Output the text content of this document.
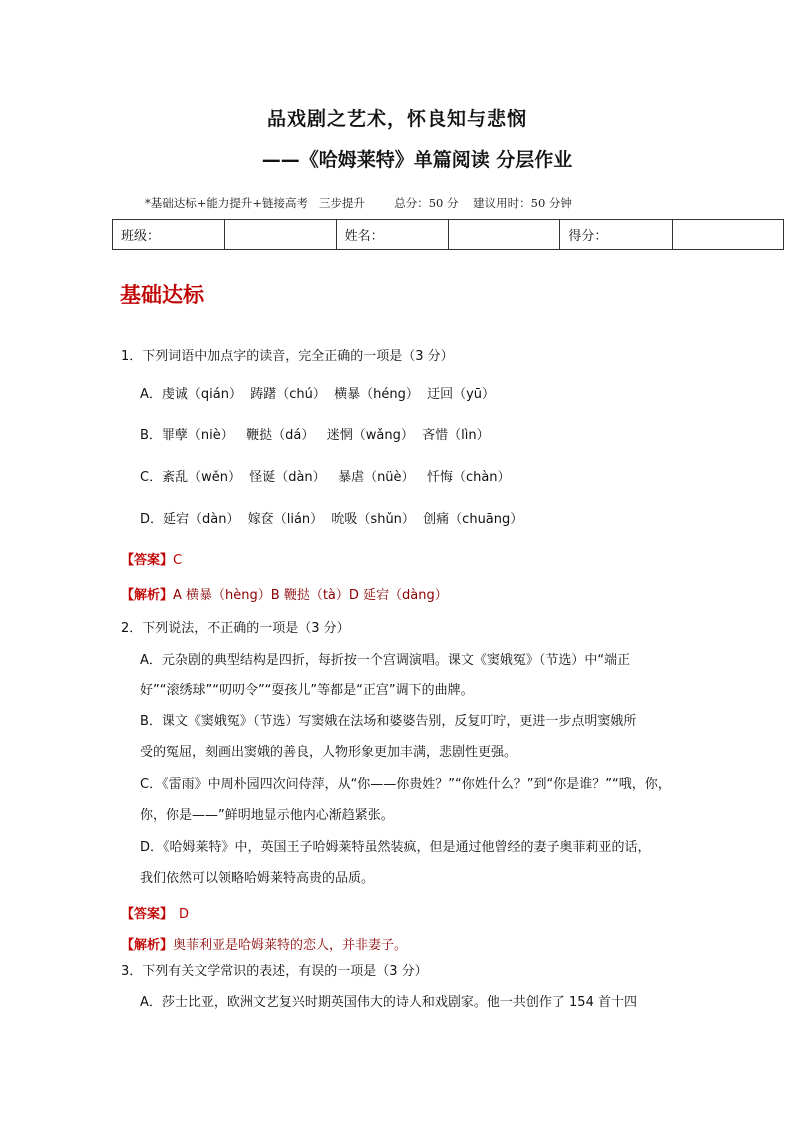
品戏剧之艺术，怀良知与悲悯
——《哈姆莱特》单篇阅读 分层作业
*基础达标+能力提升+链接高考   三步提升        总分：50 分    建议用时：50 分钟
班级：		姓名：		得分：	
基础达标
1．下列词语中加点字的读音，完全正确的一项是（3 分）
A．虔诚（qián）  踌躇（chú）  横暴（héng）  迂回（yū）
B．罪孽（niè）   鞭挞（dá）   迷惘（wǎng）  吝惜（lìn）
C．紊乱（wěn）  怪诞（dàn）   暴虐（nüè）   忏悔（chàn）
D．延宕（dàn）  嫁奁（lián）  吮吸（shǔn）  创痛（chuāng）
【答案】C
【解析】A 横暴（hèng）B 鞭挞（tà）D 延宕（dàng）
2．下列说法，不正确的一项是（3 分）
A．元杂剧的典型结构是四折，每折按一个宫调演唱。课文《窦娥冤》（节选）中“端正
好”“滚绣球”“叨叨令”“耍孩儿”等都是“正宫”调下的曲牌。
B．课文《窦娥冤》（节选）写窦娥在法场和婆婆告别，反复叮咛，更进一步点明窦娥所
受的冤屈，刻画出窦娥的善良，人物形象更加丰满，悲剧性更强。
C．《雷雨》中周朴园四次问侍萍，从“你——你贵姓？”“你姓什么？”到“你是谁？”“哦，你，
你，你是——”鲜明地显示他内心渐趋紧张。
D．《哈姆莱特》中，英国王子哈姆莱特虽然装疯，但是通过他曾经的妻子奥菲莉亚的话，
我们依然可以领略哈姆莱特高贵的品质。
【答案】 D
【解析】奥菲利亚是哈姆莱特的恋人，并非妻子。
3．下列有关文学常识的表述，有误的一项是（3 分）
A．莎士比亚，欧洲文艺复兴时期英国伟大的诗人和戏剧家。他一共创作了 154 首十四
